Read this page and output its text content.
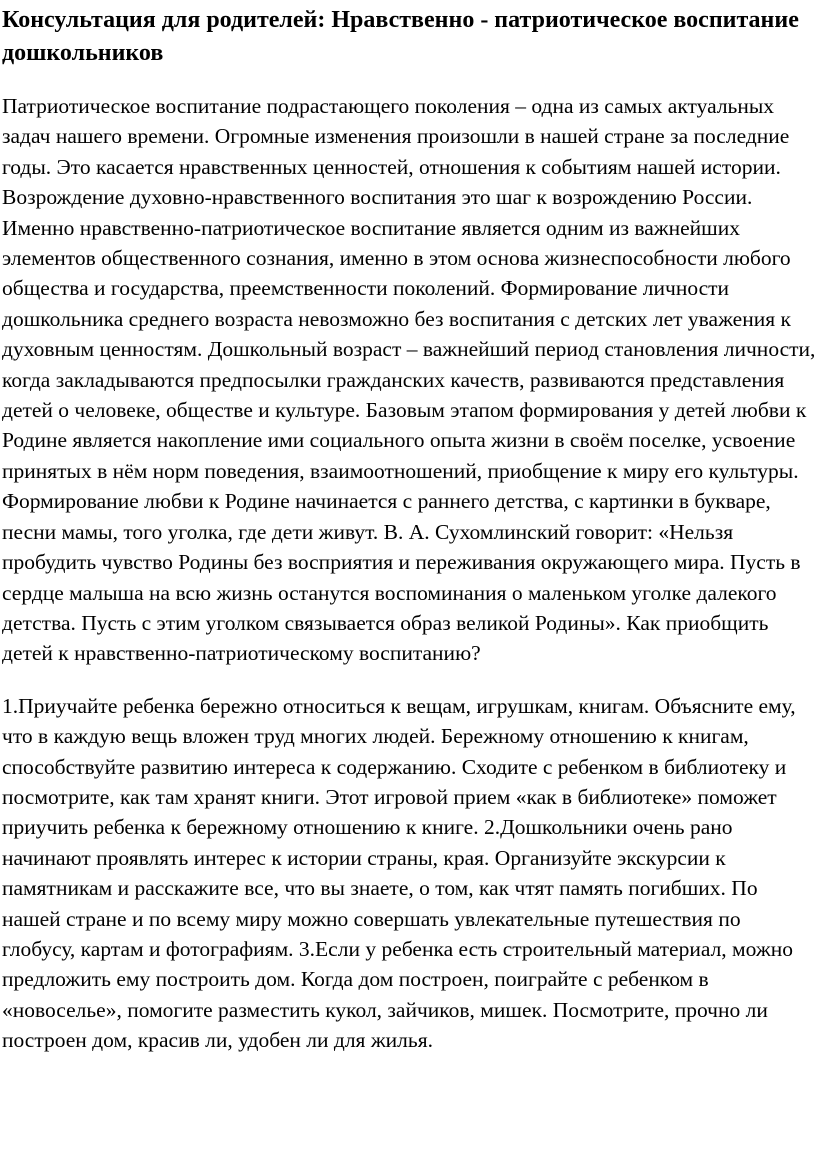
Консультация для родителей: Нравственно - патриотическое воспитание дошкольников

Патриотическое воспитание подрастающего поколения – одна из самых актуальных задач нашего времени. Огромные изменения произошли в нашей стране за последние годы. Это касается нравственных ценностей, отношения к событиям нашей истории. Возрождение духовно-нравственного воспитания это шаг к возрождению России. Именно нравственно-патриотическое воспитание является одним из важнейших элементов общественного сознания, именно в этом основа жизнеспособности любого общества и государства, преемственности поколений. Формирование личности дошкольника среднего возраста невозможно без воспитания с детских лет уважения к духовным ценностям. Дошкольный возраст – важнейший период становления личности, когда закладываются предпосылки гражданских качеств, развиваются представления детей о человеке, обществе и культуре. Базовым этапом формирования у детей любви к Родине является накопление ими социального опыта жизни в своём поселке, усвоение принятых в нём норм поведения, взаимоотношений, приобщение к миру его культуры. Формирование любви к Родине начинается с раннего детства, с картинки в букваре, песни мамы, того уголка, где дети живут. В. А. Сухомлинский говорит: «Нельзя пробудить чувство Родины без восприятия и переживания окружающего мира. Пусть в сердце малыша на всю жизнь останутся воспоминания о маленьком уголке далекого детства. Пусть с этим уголком связывается образ великой Родины». Как приобщить детей к нравственно-патриотическому воспитанию?

1.Приучайте ребенка бережно относиться к вещам, игрушкам, книгам. Объясните ему, что в каждую вещь вложен труд многих людей. Бережному отношению к книгам, способствуйте развитию интереса к содержанию. Сходите с ребенком в библиотеку и посмотрите, как там хранят книги. Этот игровой прием «как в библиотеке» поможет приучить ребенка к бережному отношению к книге. 2.Дошкольники очень рано начинают проявлять интерес к истории страны, края. Организуйте экскурсии к памятникам и расскажите все, что вы знаете, о том, как чтят память погибших. По нашей стране и по всему миру можно совершать увлекательные путешествия по глобусу, картам и фотографиям. 3.Если у ребенка есть строительный материал, можно предложить ему построить дом. Когда дом построен, поиграйте с ребенком в «новоселье», помогите разместить кукол, зайчиков, мишек. Посмотрите, прочно ли построен дом, красив ли, удобен ли для жилья.
